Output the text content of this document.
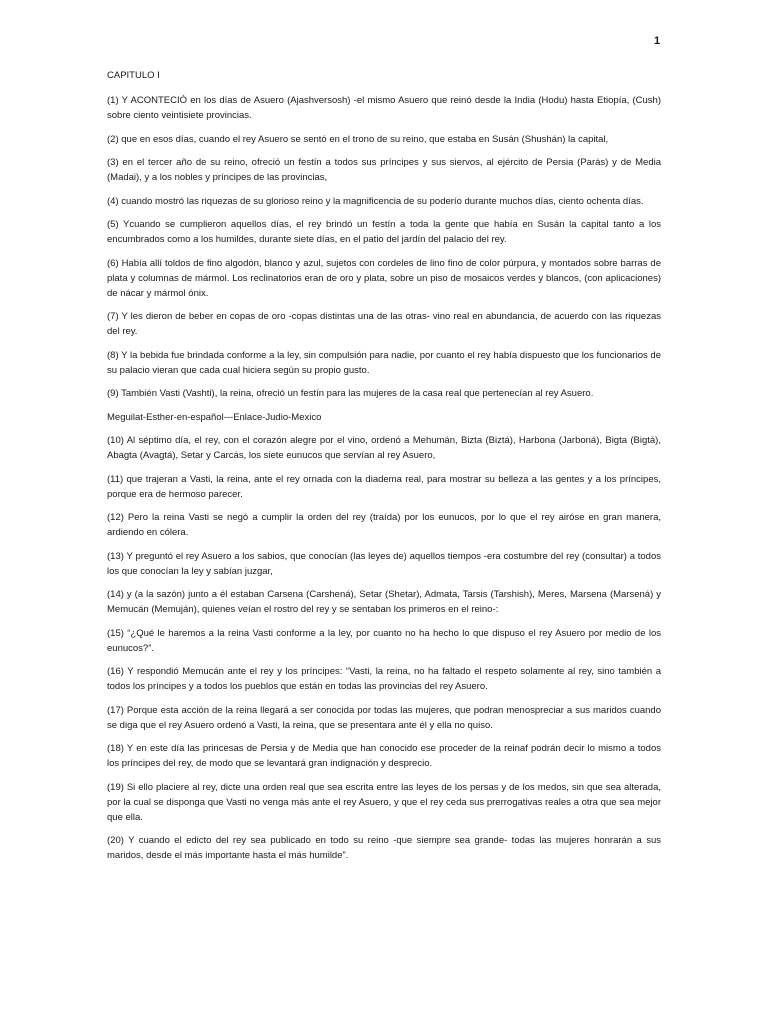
1
CAPITULO I

(1) Y ACONTECIÓ en los días de Asuero (Ajashversosh) -el mismo Asuero que reinó desde la India (Hodu) hasta Etiopía, (Cush) sobre ciento veintisiete provincias.

(2) que en esos días, cuando el rey Asuero se sentó en el trono de su reino, que estaba en Susán (Shushán) la capital,

(3) en el tercer año de su reino, ofreció un festín a todos sus príncipes y sus siervos, al ejército de Persia (Parás) y de Media (Madai), y a los nobles y príncipes de las provincias,

(4) cuando mostró las riquezas de su glorioso reino y la magnificencia de su poderío durante muchos días, ciento ochenta días.

(5) Ycuando se cumplieron aquellos días, el rey brindó un festín a toda la gente que había en Susán la capital tanto a los encumbrados como a los humildes, durante siete días, en el patio del jardín del palacio del rey.

(6) Había allí toldos de fino algodón, blanco y azul, sujetos con cordeles de lino fino de color púrpura, y montados sobre barras de plata y columnas de mármol. Los reclinatorios eran de oro y plata, sobre un piso de mosaicos verdes y blancos, (con aplicaciones) de nácar y mármol ónix.

(7) Y les dieron de beber en copas de oro -copas distintas una de las otras- vino real en abundancia, de acuerdo con las riquezas del rey.

(8) Y la bebida fue brindada conforme a la ley, sin compulsión para nadie, por cuanto el rey había dispuesto que los funcionarios de su palacio vieran que cada cual hiciera según su propio gusto.

(9) También Vasti (Vashti), la reina, ofreció un festín para las mujeres de la casa real que pertenecían al rey Asuero.

Meguilat-Esther-en-español---Enlace-Judio-Mexico

(10) Al séptimo día, el rey, con el corazón alegre por el vino, ordenó a Mehumán, Bizta (Biztá), Harbona (Jarboná), Bigta (Bigtá), Abagta (Avagtá), Setar y Carcás, los siete eunucos que servían al rey Asuero,

(11) que trajeran a Vasti, la reina, ante el rey ornada con la diadema real, para mostrar su belleza a las gentes y a los príncipes, porque era de hermoso parecer.

(12) Pero la reina Vasti se negó a cumplir la orden del rey (traída) por los eunucos, por lo que el rey airóse en gran manera, ardiendo en cólera.

(13) Y preguntó el rey Asuero a los sabios, que conocían (las leyes de) aquellos tiempos -era costumbre del rey (consultar) a todos los que conocían la ley y sabían juzgar,

(14) y (a la sazón) junto a él estaban Carsena (Carshená), Setar (Shetar), Admata, Tarsis (Tarshish), Meres, Marsena (Marsená) y Memucán (Memuján), quienes veían el rostro del rey y se sentaban los primeros en el reino-:

(15) “¿Qué le haremos a la reina Vasti conforme a la ley, por cuanto no ha hecho lo que dispuso el rey Asuero por medio de los eunucos?”.

(16) Y respondió Memucán ante el rey y los príncipes: “Vasti, la reina, no ha faltado el respeto solamente al rey, sino también a todos los príncipes y a todos los pueblos que están en todas las provincias del rey Asuero.

(17) Porque esta acción de la reina llegará a ser conocida por todas las mujeres, que podran menospreciar a sus maridos cuando se diga que el rey Asuero ordenó a Vasti, la reina, que se presentara ante él y ella no quiso.

(18) Y en este día las princesas de Persia y de Media que han conocido ese proceder de la reinaf podrán decir lo mismo a todos los príncipes del rey, de modo que se levantará gran indignación y desprecio.

(19) Si ello placiere al rey, dicte una orden real que sea escrita entre las leyes de los persas y de los medos, sin que sea alterada, por la cual se disponga que Vasti no venga más ante el rey Asuero, y que el rey ceda sus prerrogativas reales a otra que sea mejor que ella.

(20) Y cuando el edicto del rey sea publicado en todo su reino -que siempre sea grande- todas las mujeres honrarán a sus maridos, desde el más importante hasta el más humilde”.
